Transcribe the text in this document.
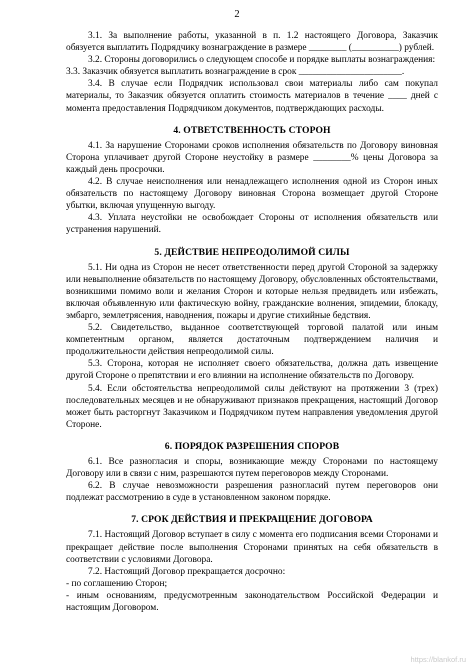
2

3.1. За выполнение работы, указанной в п. 1.2 настоящего Договора, Заказчик обязуется выплатить Подрядчику вознаграждение в размере ________ (__________) рублей.

3.2. Стороны договорились о следующем способе и порядке выплаты вознаграждения:

3.3. Заказчик обязуется выплатить вознаграждение в срок ______________________.

3.4. В случае если Подрядчик использовал свои материалы либо сам покупал материалы, то Заказчик обязуется оплатить стоимость материалов в течение ____ дней с момента предоставления Подрядчиком документов, подтверждающих расходы.

4. ОТВЕТСТВЕННОСТЬ СТОРОН

4.1. За нарушение Сторонами сроков исполнения обязательств по Договору виновная Сторона уплачивает другой Стороне неустойку в размере ________% цены Договора за каждый день просрочки.

4.2. В случае неисполнения или ненадлежащего исполнения одной из Сторон иных обязательств по настоящему Договору виновная Сторона возмещает другой Стороне убытки, включая упущенную выгоду.

4.3. Уплата неустойки не освобождает Стороны от исполнения обязательств или устранения нарушений.

5. ДЕЙСТВИЕ НЕПРЕОДОЛИМОЙ СИЛЫ

5.1. Ни одна из Сторон не несет ответственности перед другой Стороной за задержку или невыполнение обязательств по настоящему Договору, обусловленных обстоятельствами, возникшими помимо воли и желания Сторон и которые нельзя предвидеть или избежать, включая объявленную или фактическую войну, гражданские волнения, эпидемии, блокаду, эмбарго, землетрясения, наводнения, пожары и другие стихийные бедствия.

5.2. Свидетельство, выданное соответствующей торговой палатой или иным компетентным органом, является достаточным подтверждением наличия и продолжительности действия непреодолимой силы.

5.3. Сторона, которая не исполняет своего обязательства, должна дать извещение другой Стороне о препятствии и его влиянии на исполнение обязательств по Договору.

5.4. Если обстоятельства непреодолимой силы действуют на протяжении 3 (трех) последовательных месяцев и не обнаруживают признаков прекращения, настоящий Договор может быть расторгнут Заказчиком и Подрядчиком путем направления уведомления другой Стороне.

6. ПОРЯДОК РАЗРЕШЕНИЯ СПОРОВ

6.1. Все разногласия и споры, возникающие между Сторонами по настоящему Договору или в связи с ним, разрешаются путем переговоров между Сторонами.

6.2. В случае невозможности разрешения разногласий путем переговоров они подлежат рассмотрению в суде в установленном законом порядке.

7. СРОК ДЕЙСТВИЯ И ПРЕКРАЩЕНИЕ ДОГОВОРА

7.1. Настоящий Договор вступает в силу с момента его подписания всеми Сторонами и прекращает действие после выполнения Сторонами принятых на себя обязательств в соответствии с условиями Договора.

7.2. Настоящий Договор прекращается досрочно:

- по соглашению Сторон;

- иным основаниям, предусмотренным законодательством Российской Федерации и настоящим Договором.

https://blankof.ru
